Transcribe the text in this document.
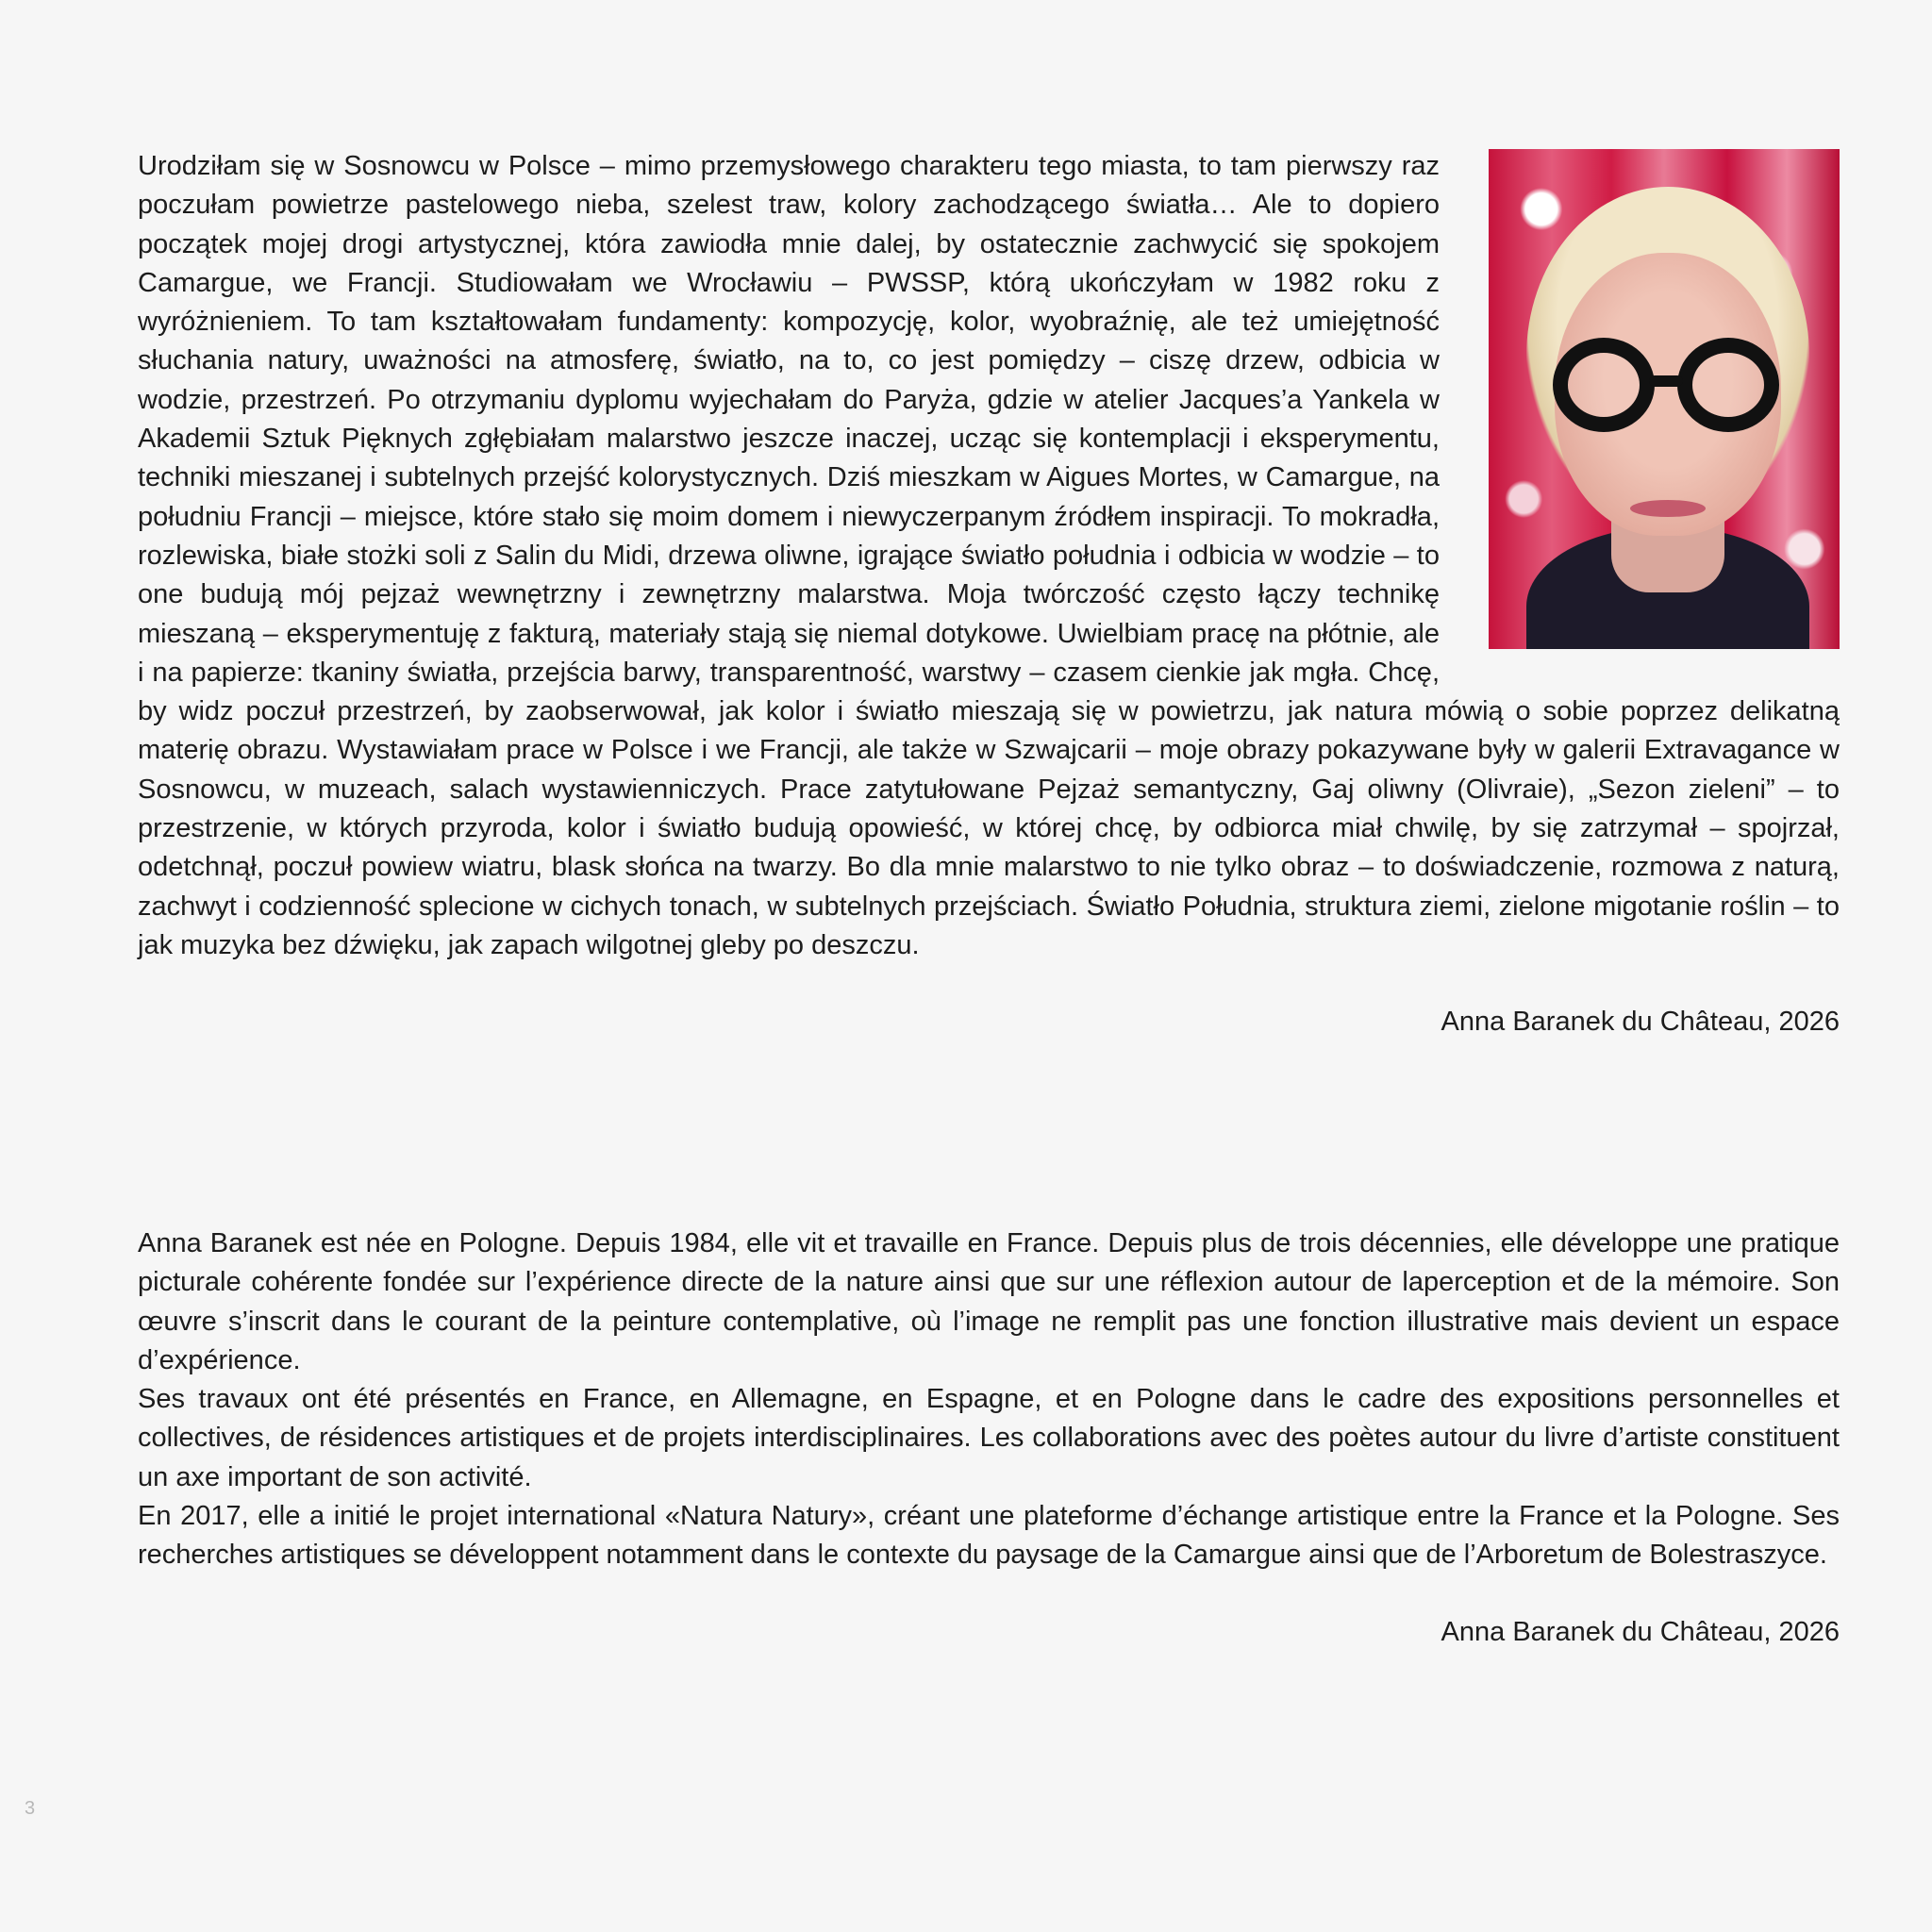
Urodziłam się w Sosnowcu w Polsce – mimo przemysłowego charakteru tego miasta, to tam pierwszy raz poczułam powietrze pastelowego nieba, szelest traw, kolory zachodzącego światła… Ale to dopiero początek mojej drogi artystycznej, która zawiodła mnie dalej, by ostatecznie zachwycić się spokojem Camargue, we Francji. Studiowałam we Wrocławiu – PWSSP, którą ukończyłam w 1982 roku z wyróżnieniem. To tam kształtowałam fundamenty: kompozycję, kolor, wyobraźnię, ale też umiejętność słuchania natury, uważności na atmosferę, światło, na to, co jest pomiędzy – ciszę drzew, odbicia w wodzie, przestrzeń. Po otrzymaniu dyplomu wyjechałam do Paryża, gdzie w atelier Jacques’a Yankela w Akademii Sztuk Pięknych zgłębiałam malarstwo jeszcze inaczej, ucząc się kontemplacji i eksperymentu, techniki mieszanej i subtelnych przejść kolorystycznych. Dziś mieszkam w Aigues Mortes, w Camargue, na południu Francji – miejsce, które stało się moim domem i niewyczerpanym źródłem inspiracji. To mokradła, rozlewiska, białe stożki soli z Salin du Midi, drzewa oliwne, igrające światło południa i odbicia w wodzie – to one budują mój pejzaż wewnętrzny i zewnętrzny malarstwa. Moja twórczość często łączy technikę mieszaną – eksperymentuję z fakturą, materiały stają się niemal dotykowe. Uwielbiam pracę na płótnie, ale i na papierze: tkaniny światła, przejścia barwy, transparentność, warstwy – czasem cienkie jak mgła. Chcę, by widz poczuł przestrzeń, by zaobserwował, jak kolor i światło mieszają się w powietrzu, jak natura mówią o sobie poprzez delikatną materię obrazu. Wystawiałam prace w Polsce i we Francji, ale także w Szwajcarii – moje obrazy pokazywane były w galerii Extravagance w Sosnowcu, w muzeach, salach wystawienniczych. Prace zatytułowane Pejzaż semantyczny, Gaj oliwny (Olivraie), „Sezon zieleni” – to przestrzenie, w których przyroda, kolor i światło budują opowieść, w której chcę, by odbiorca miał chwilę, by się zatrzymał – spojrzał, odetchnął, poczuł powiew wiatru, blask słońca na twarzy. Bo dla mnie malarstwo to nie tylko obraz – to doświadczenie, rozmowa z naturą, zachwyt i codzienność splecione w cichych tonach, w subtelnych przejściach. Światło Południa, struktura ziemi, zielone migotanie roślin – to jak muzyka bez dźwięku, jak zapach wilgotnej gleby po deszczu.

Anna Baranek du Château, 2026

Anna Baranek est née en Pologne. Depuis 1984, elle vit et travaille en France. Depuis plus de trois décennies, elle développe une pratique picturale cohérente fondée sur l’expérience directe de la nature ainsi que sur une réflexion autour de laperception et de la mémoire. Son œuvre s’inscrit dans le courant de la peinture contemplative, où l’image ne remplit pas une fonction illustrative mais devient un espace d’expérience.

Ses travaux ont été présentés en France, en Allemagne, en Espagne, et en Pologne dans le cadre des expositions personnelles et collectives, de résidences artistiques et de projets interdisciplinaires. Les collaborations avec des poètes autour du livre d’artiste constituent un axe important de son activité.

En 2017, elle a initié le projet international «Natura Natury», créant une plateforme d’échange artistique entre la France et la Pologne. Ses recherches artistiques se développent notamment dans le contexte du paysage de la Camargue ainsi que de l’Arboretum de Bolestraszyce.

Anna Baranek du Château, 2026

3
